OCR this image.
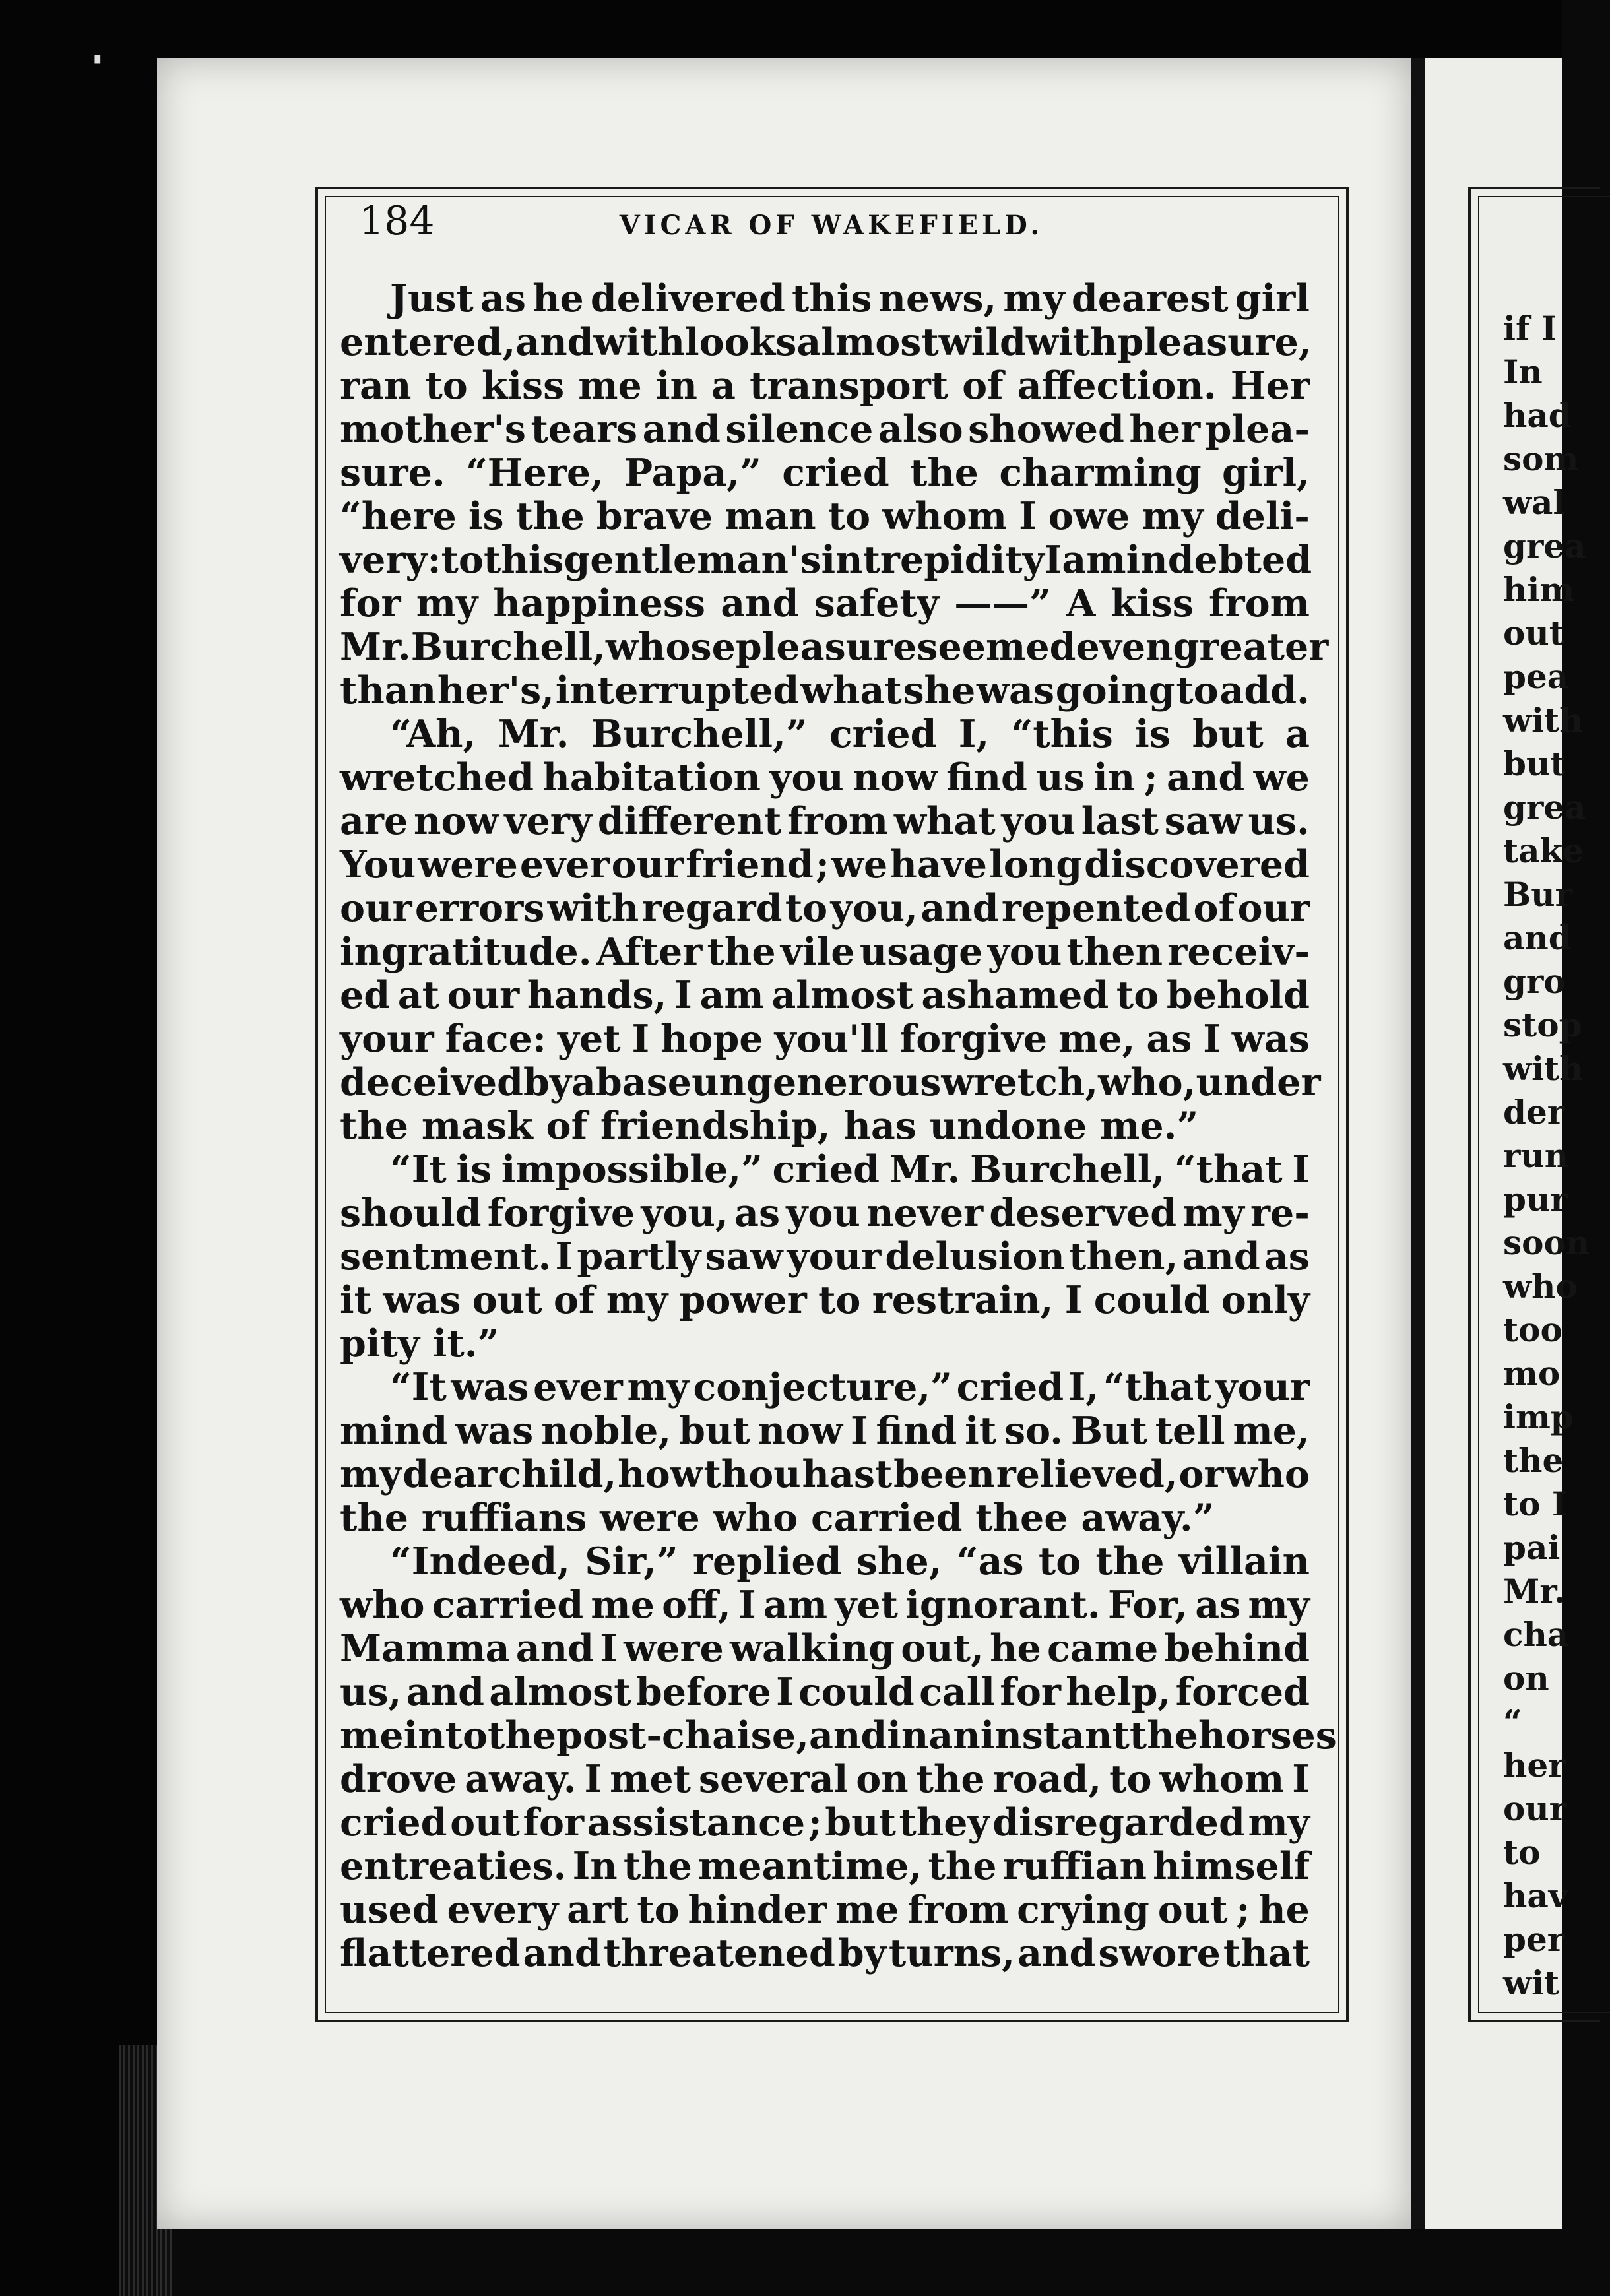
▝
184	VICAR OF WAKEFIELD.
Just as he delivered this news, my dearest girl
entered, and with looks almost wild with pleasure,
ran to kiss me in a transport of affection. Her
mother's tears and silence also showed her plea-
sure. “Here, Papa,” cried the charming girl,
“here is the brave man to whom I owe my deli-
very: to this gentleman's intrepidity I am indebted
for my happiness and safety ——” A kiss from
Mr. Burchell, whose pleasure seemed even greater
than her's, interrupted what she was going to add.
“Ah, Mr. Burchell,” cried I, “this is but a
wretched habitation you now find us in ; and we
are now very different from what you last saw us.
You were ever our friend ; we have long discovered
our errors with regard to you, and repented of our
ingratitude. After the vile usage you then receiv-
ed at our hands, I am almost ashamed to behold
your face: yet I hope you'll forgive me, as I was
deceived by a base ungenerous wretch, who, under
the mask of friendship, has undone me.”
“It is impossible,” cried Mr. Burchell, “that I
should forgive you, as you never deserved my re-
sentment. I partly saw your delusion then, and as
it was out of my power to restrain, I could only
pity it.”
“It was ever my conjecture,” cried I, “that your
mind was noble, but now I find it so. But tell me,
my dear child, how thou hast been relieved, or who
the ruffians were who carried thee away.”
“Indeed, Sir,” replied she, “as to the villain
who carried me off, I am yet ignorant. For, as my
Mamma and I were walking out, he came behind
us, and almost before I could call for help, forced
me into the post-chaise, and in an instant the horses
drove away. I met several on the road, to whom I
cried out for assistance ; but they disregarded my
entreaties. In the meantime, the ruffian himself
used every art to hinder me from crying out ; he
flattered and threatened by turns, and swore that
if I
In
had
som
wal
grea
him
out
pea
with
but
grea
take
Bur
and
gro
stop
with
der
run
pur
soon
who
too
mo
imp
the
to I
pai
Mr.
cha
on
“
her
our
to
hav
per
wit
